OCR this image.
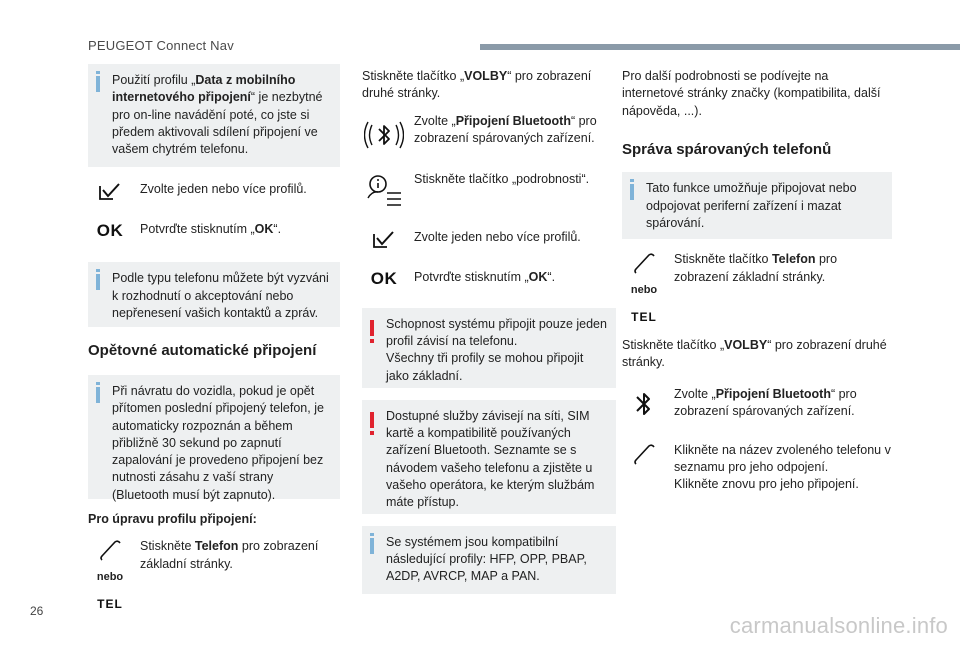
PEUGEOT Connect Nav

Použití profilu „Data z mobilního internetového připojení“ je nezbytné pro on-line navádění poté, co jste si předem aktivovali sdílení připojení ve vašem chytrém telefonu.

Zvolte jeden nebo více profilů.
OK	Potvrďte stisknutím „OK“.

Podle typu telefonu můžete být vyzváni k rozhodnutí o akceptování nebo nepřenesení vašich kontaktů a zpráv.

Opětovné automatické připojení

Při návratu do vozidla, pokud je opět přítomen poslední připojený telefon, je automaticky rozpoznán a během přibližně 30 sekund po zapnutí zapalování je provedeno připojení bez nutnosti zásahu z vaší strany (Bluetooth musí být zapnuto).

Pro úpravu profilu připojení:
nebo
TEL
Stiskněte Telefon pro zobrazení základní stránky.

Stiskněte tlačítko „VOLBY“ pro zobrazení druhé stránky.

Zvolte „Připojení Bluetooth“ pro zobrazení spárovaných zařízení.
Stiskněte tlačítko „podrobnosti“.
Zvolte jeden nebo více profilů.
OK	Potvrďte stisknutím „OK“.

Schopnost systému připojit pouze jeden profil závisí na telefonu.

Všechny tři profily se mohou připojit jako základní.

Dostupné služby závisejí na síti, SIM kartě a kompatibilitě používaných zařízení Bluetooth. Seznamte se s návodem vašeho telefonu a zjistěte u vašeho operátora, ke kterým službám máte přístup.

Se systémem jsou kompatibilní následující profily: HFP, OPP, PBAP, A2DP, AVRCP, MAP a PAN.

Pro další podrobnosti se podívejte na internetové stránky značky (kompatibilita, další nápověda, ...).

Správa spárovaných telefonů

Tato funkce umožňuje připojovat nebo odpojovat periferní zařízení i mazat spárování.

nebo
TEL
Stiskněte tlačítko Telefon pro zobrazení základní stránky.

Stiskněte tlačítko „VOLBY“ pro zobrazení druhé stránky.

Zvolte „Připojení Bluetooth“ pro zobrazení spárovaných zařízení.

Klikněte na název zvoleného telefonu v seznamu pro jeho odpojení.

Klikněte znovu pro jeho připojení.

26
carmanualsonline.info
